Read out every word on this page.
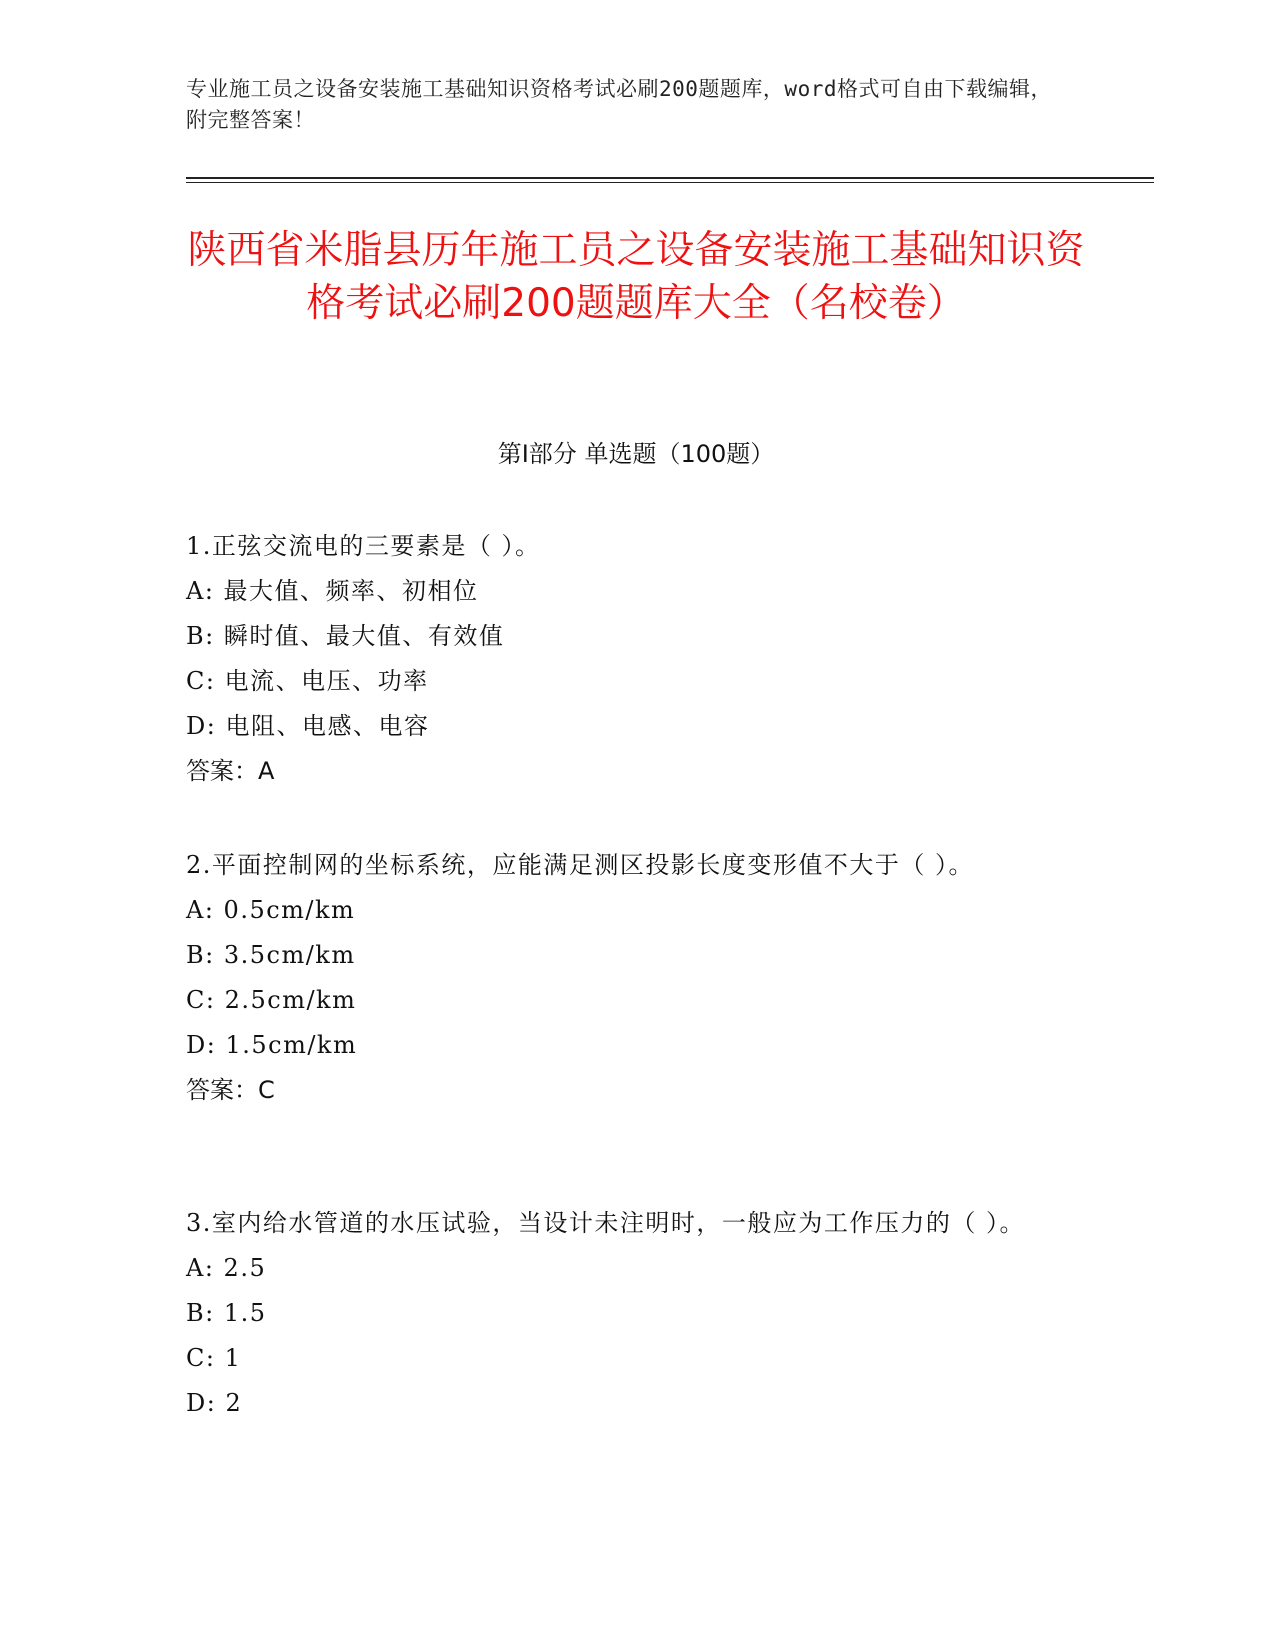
专业施工员之设备安装施工基础知识资格考试必刷200题题库，word格式可自由下载编辑，附完整答案！
陕西省米脂县历年施工员之设备安装施工基础知识资格考试必刷200题题库大全（名校卷）
第Ⅰ部分 单选题（100题）

1.正弦交流电的三要素是（ ）。

A: 最大值、频率、初相位

B: 瞬时值、最大值、有效值

C: 电流、电压、功率

D: 电阻、电感、电容

答案：A

2.平面控制网的坐标系统，应能满足测区投影长度变形值不大于（ ）。

A: 0.5cm/km

B: 3.5cm/km

C: 2.5cm/km

D: 1.5cm/km

答案：C

3.室内给水管道的水压试验，当设计未注明时，一般应为工作压力的（ ）。

A: 2.5

B: 1.5

C: 1

D: 2
